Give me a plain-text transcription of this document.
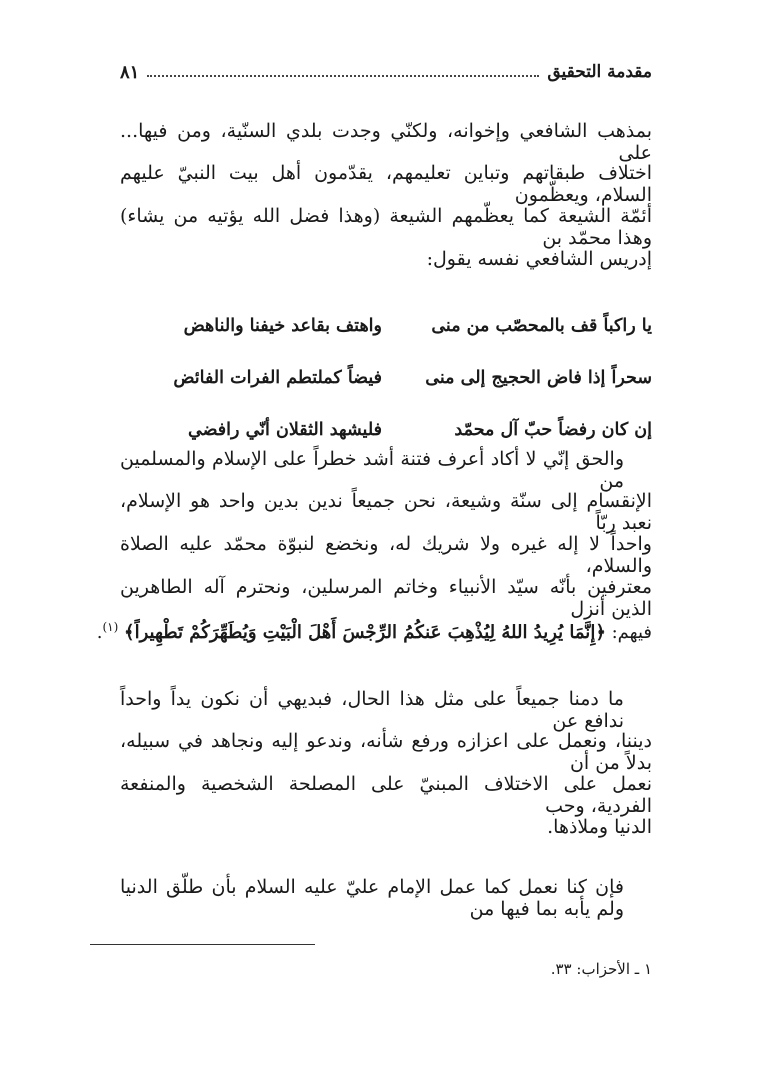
مقدمة التحقيق
٨١
بمذهب الشافعي وإخوانه، ولكنّي وجدت بلدي السنّية، ومن فيها... على
اختلاف طبقاتهم وتباين تعليمهم، يقدّمون أهل بيت النبيّ عليهم السلام، ويعظّمون
أئمّة الشيعة كما يعظّمهم الشيعة (وهذا فضل الله يؤتيه من يشاء) وهذا محمّد بن
إدريس الشافعي نفسه يقول:
يا راكباً قف بالمحصّب من منى
واهتف بقاعد خيفنا والناهض
سحراً إذا فاض الحجيج إلى منى
فيضاً كملتطم الفرات الفائض
إن كان رفضاً حبّ آل محمّد
فليشهد الثقلان أنّي رافضي
والحق إنّي لا أكاد أعرف فتنة أشد خطراً على الإسلام والمسلمين من
الإنقسام إلى سنّة وشيعة، نحن جميعاً ندين بدين واحد هو الإسلام، نعبد ربّاً
واحداً لا إله غيره ولا شريك له، ونخضع لنبوّة محمّد عليه الصلاة والسلام،
معترفين بأنّه سيّد الأنبياء وخاتم المرسلين، ونحترم آله الطاهرين الذين أنزل
فيهم: ﴿إِنَّمَا يُرِيدُ اللهُ لِيُذْهِبَ عَنكُمُ الرِّجْسَ أَهْلَ الْبَيْتِ وَيُطَهِّرَكُمْ تَطْهِيراً﴾ $^{(١)}$.
ما دمنا جميعاً على مثل هذا الحال، فبديهي أن نكون يداً واحداً ندافع عن
ديننا، ونعمل على اعزازه ورفع شأنه، وندعو إليه ونجاهد في سبيله، بدلاً من أن
نعمل على الاختلاف المبنيّ على المصلحة الشخصية والمنفعة الفردية، وحب
الدنيا وملاذها.
فإن كنا نعمل كما عمل الإمام عليّ عليه السلام بأن طلّق الدنيا ولم يأبه بما فيها من
١ ـ الأحزاب: ٣٣.
